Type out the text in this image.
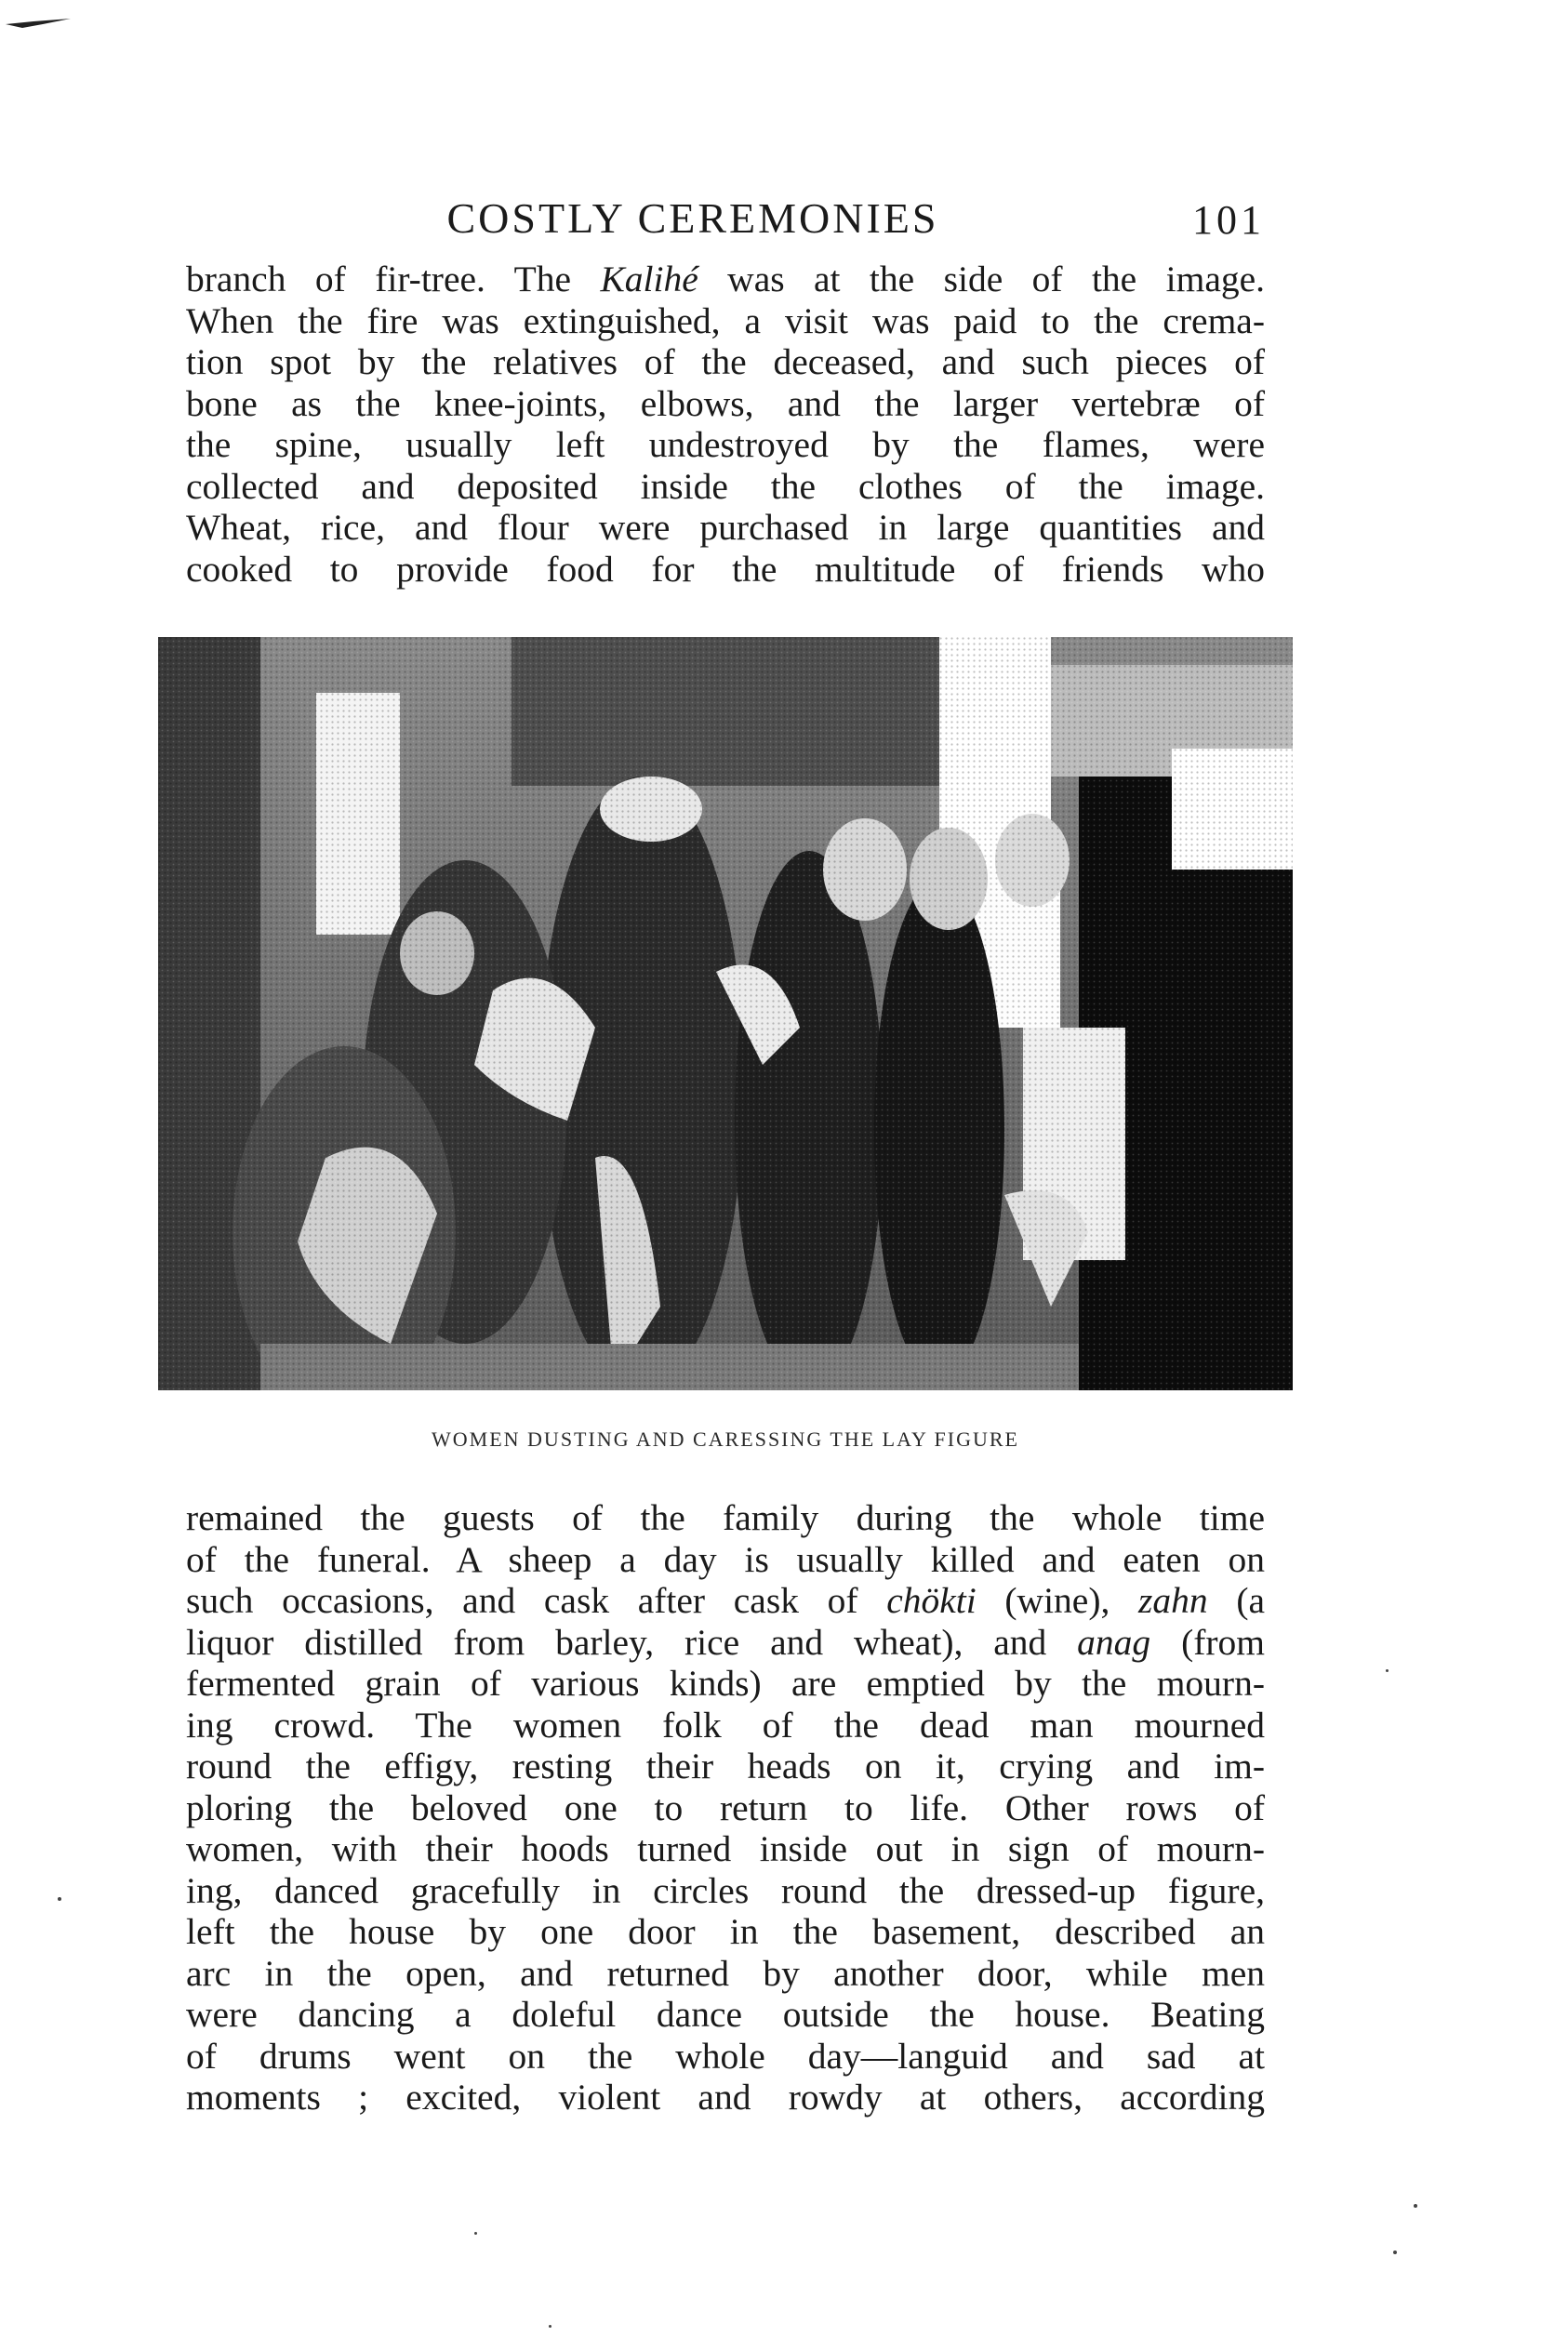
COSTLY CEREMONIES	101
branch of fir-tree. The Kalihé was at the side of the image.
When the fire was extinguished, a visit was paid to the crema-
tion spot by the relatives of the deceased, and such pieces of
bone as the knee-joints, elbows, and the larger vertebræ of
the spine, usually left undestroyed by the flames, were
collected and deposited inside the clothes of the image.
Wheat, rice, and flour were purchased in large quantities and
cooked to provide food for the multitude of friends who
WOMEN DUSTING AND CARESSING THE LAY FIGURE
remained the guests of the family during the whole time
of the funeral. A sheep a day is usually killed and eaten on
such occasions, and cask after cask of chökti (wine), zahn (a
liquor distilled from barley, rice and wheat), and anag (from
fermented grain of various kinds) are emptied by the mourn-
ing crowd. The women folk of the dead man mourned
round the effigy, resting their heads on it, crying and im-
ploring the beloved one to return to life. Other rows of
women, with their hoods turned inside out in sign of mourn-
ing, danced gracefully in circles round the dressed-up figure,
left the house by one door in the basement, described an
arc in the open, and returned by another door, while men
were dancing a doleful dance outside the house. Beating
of drums went on the whole day—languid and sad at
moments ; excited, violent and rowdy at others, according
